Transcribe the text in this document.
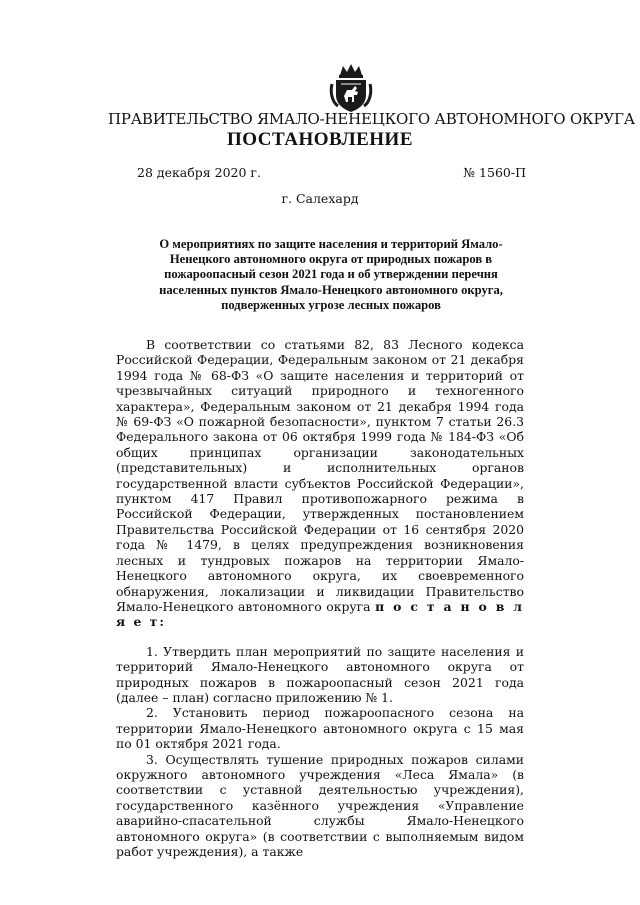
ПРАВИТЕЛЬСТВО ЯМАЛО-НЕНЕЦКОГО АВТОНОМНОГО ОКРУГА
ПОСТАНОВЛЕНИЕ
28 декабря 2020 г.	№ 1560-П
г. Салехард
О мероприятиях по защите населения и территорий Ямало-Ненецкого автономного округа от природных пожаров в пожароопасный сезон 2021 года и об утверждении перечня населенных пунктов Ямало-Ненецкого автономного округа, подверженных угрозе лесных пожаров

В соответствии со статьями 82, 83 Лесного кодекса Российской Федерации, Федеральным законом от 21 декабря 1994 года № 68-ФЗ «О защите населения и территорий от чрезвычайных ситуаций природного и техногенного характера», Федеральным законом от 21 декабря 1994 года № 69-ФЗ «О пожарной безопасности», пунктом 7 статьи 26.3 Федерального закона от 06 октября 1999 года № 184-ФЗ «Об общих принципах организации законодательных (представительных) и исполнительных органов государственной власти субъектов Российской Федерации», пунктом 417 Правил противопожарного режима в Российской Федерации, утвержденных постановлением Правительства Российской Федерации от 16 сентября 2020 года № 1479, в целях предупреждения возникновения лесных и тундровых пожаров на территории Ямало-Ненецкого автономного округа, их своевременного обнаружения, локализации и ликвидации Правительство Ямало-Ненецкого автономного округа п о с т а н о в л я е т:

1. Утвердить план мероприятий по защите населения и территорий Ямало-Ненецкого автономного округа от природных пожаров в пожароопасный сезон 2021 года (далее – план) согласно приложению № 1.

2. Установить период пожароопасного сезона на территории Ямало-Ненецкого автономного округа с 15 мая по 01 октября 2021 года.

3. Осуществлять тушение природных пожаров силами окружного автономного учреждения «Леса Ямала» (в соответствии с уставной деятельностью учреждения), государственного казённого учреждения «Управление аварийно-спасательной службы Ямало-Ненецкого автономного округа» (в соответствии с выполняемым видом работ учреждения), а также
